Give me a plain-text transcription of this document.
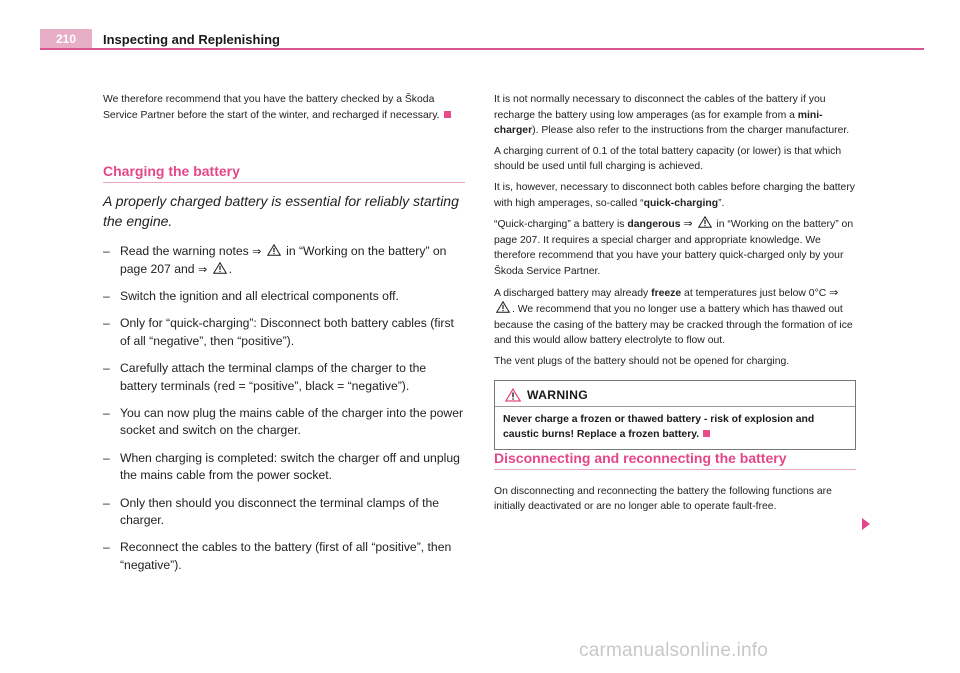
210	Inspecting and Replenishing

We therefore recommend that you have the battery checked by a Škoda Service Partner before the start of the winter, and recharged if necessary.

Charging the battery

A properly charged battery is essential for reliably starting the engine.

– Read the warning notes ⇒  in “Working on the battery” on page 207 and ⇒ .
– Switch the ignition and all electrical components off.
– Only for “quick-charging”: Disconnect both battery cables (first of all “negative”, then “positive”).
– Carefully attach the terminal clamps of the charger to the battery terminals (red = “positive”, black = “negative”).
– You can now plug the mains cable of the charger into the power socket and switch on the charger.
– When charging is completed: switch the charger off and unplug the mains cable from the power socket.
– Only then should you disconnect the terminal clamps of the charger.
– Reconnect the cables to the battery (first of all “positive”, then “negative”).

It is not normally necessary to disconnect the cables of the battery if you recharge the battery using low amperages (as for example from a mini-charger). Please also refer to the instructions from the charger manufacturer.

A charging current of 0.1 of the total battery capacity (or lower) is that which should be used until full charging is achieved.

It is, however, necessary to disconnect both cables before charging the battery with high amperages, so-called “quick-charging”.

“Quick-charging” a battery is dangerous ⇒  in “Working on the battery” on page 207. It requires a special charger and appropriate knowledge. We therefore recommend that you have your battery quick-charged only by your Škoda Service Partner.

A discharged battery may already freeze at temperatures just below 0°C ⇒ . We recommend that you no longer use a battery which has thawed out because the casing of the battery may be cracked through the formation of ice and this would allow battery electrolyte to flow out.

The vent plugs of the battery should not be opened for charging.

WARNING
Never charge a frozen or thawed battery - risk of explosion and caustic burns! Replace a frozen battery.
Disconnecting and reconnecting the battery

On disconnecting and reconnecting the battery the following functions are initially deactivated or are no longer able to operate fault-free.

carmanualsonline.info
